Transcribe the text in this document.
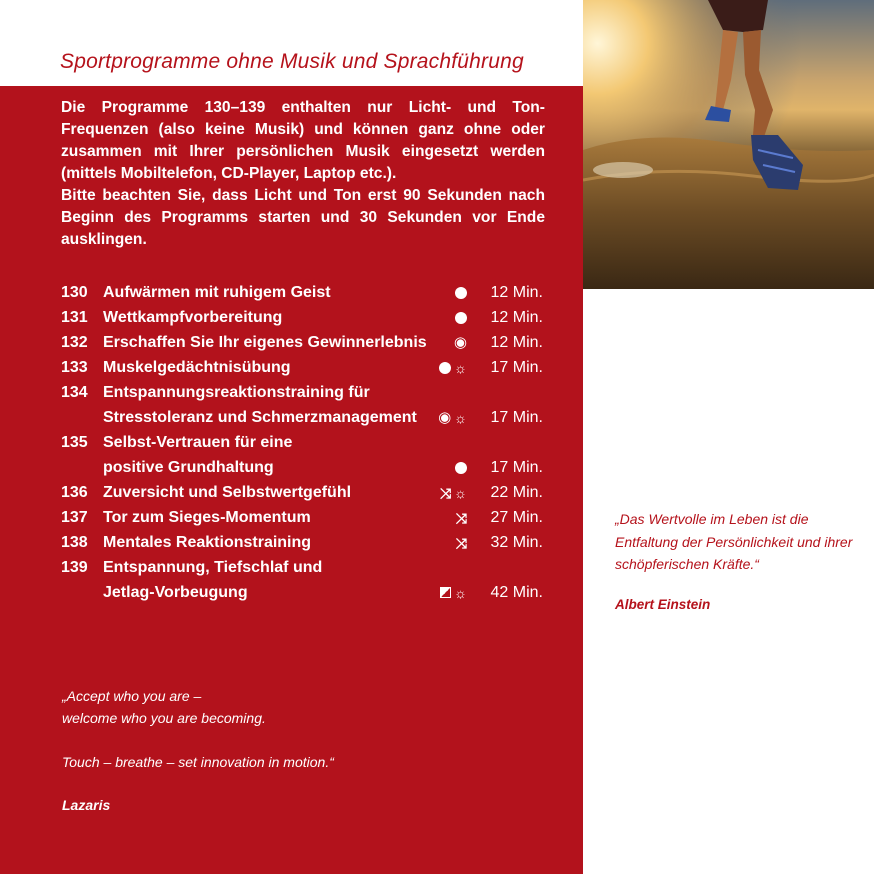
Sportprogramme ohne Musik und Sprachführung

Die Programme 130–139 enthalten nur Licht- und Ton-Frequenzen (also keine Musik) und können ganz ohne oder zusammen mit Ihrer persönlichen Musik eingesetzt werden (mittels Mobiltelefon, CD-Player, Laptop etc.).

Bitte beachten Sie, dass Licht und Ton erst 90 Sekunden nach Beginn des Programms starten und 30 Sekunden vor Ende ausklingen.

130 Aufwärmen mit ruhigem Geist	12 Min.
131 Wettkampfvorbereitung	12 Min.
132 Erschaffen Sie Ihr eigenes Gewinnerlebnis	◉	12 Min.
133 Muskelgedächtnisübung	☼	17 Min.
134 Entspannungsreaktionstraining für
Stresstoleranz und Schmerzmanagement	◉ ☼	17 Min.
135 Selbst-Vertrauen für eine
positive Grundhaltung	17 Min.
136 Zuversicht und Selbstwertgefühl	⤨ ☼	22 Min.
137 Tor zum Sieges-Momentum	⤨	27 Min.
138 Mentales Reaktionstraining	⤨	32 Min.
139 Entspannung, Tiefschlaf und
Jetlag-Vorbeugung	☼	42 Min.

„Accept who you are –

welcome who you are becoming.

Touch – breathe – set innovation in motion.“

Lazaris
„Das Wertvolle im Leben ist die Entfaltung der Persönlichkeit und ihrer schöpferischen Kräfte.“
Albert Einstein
